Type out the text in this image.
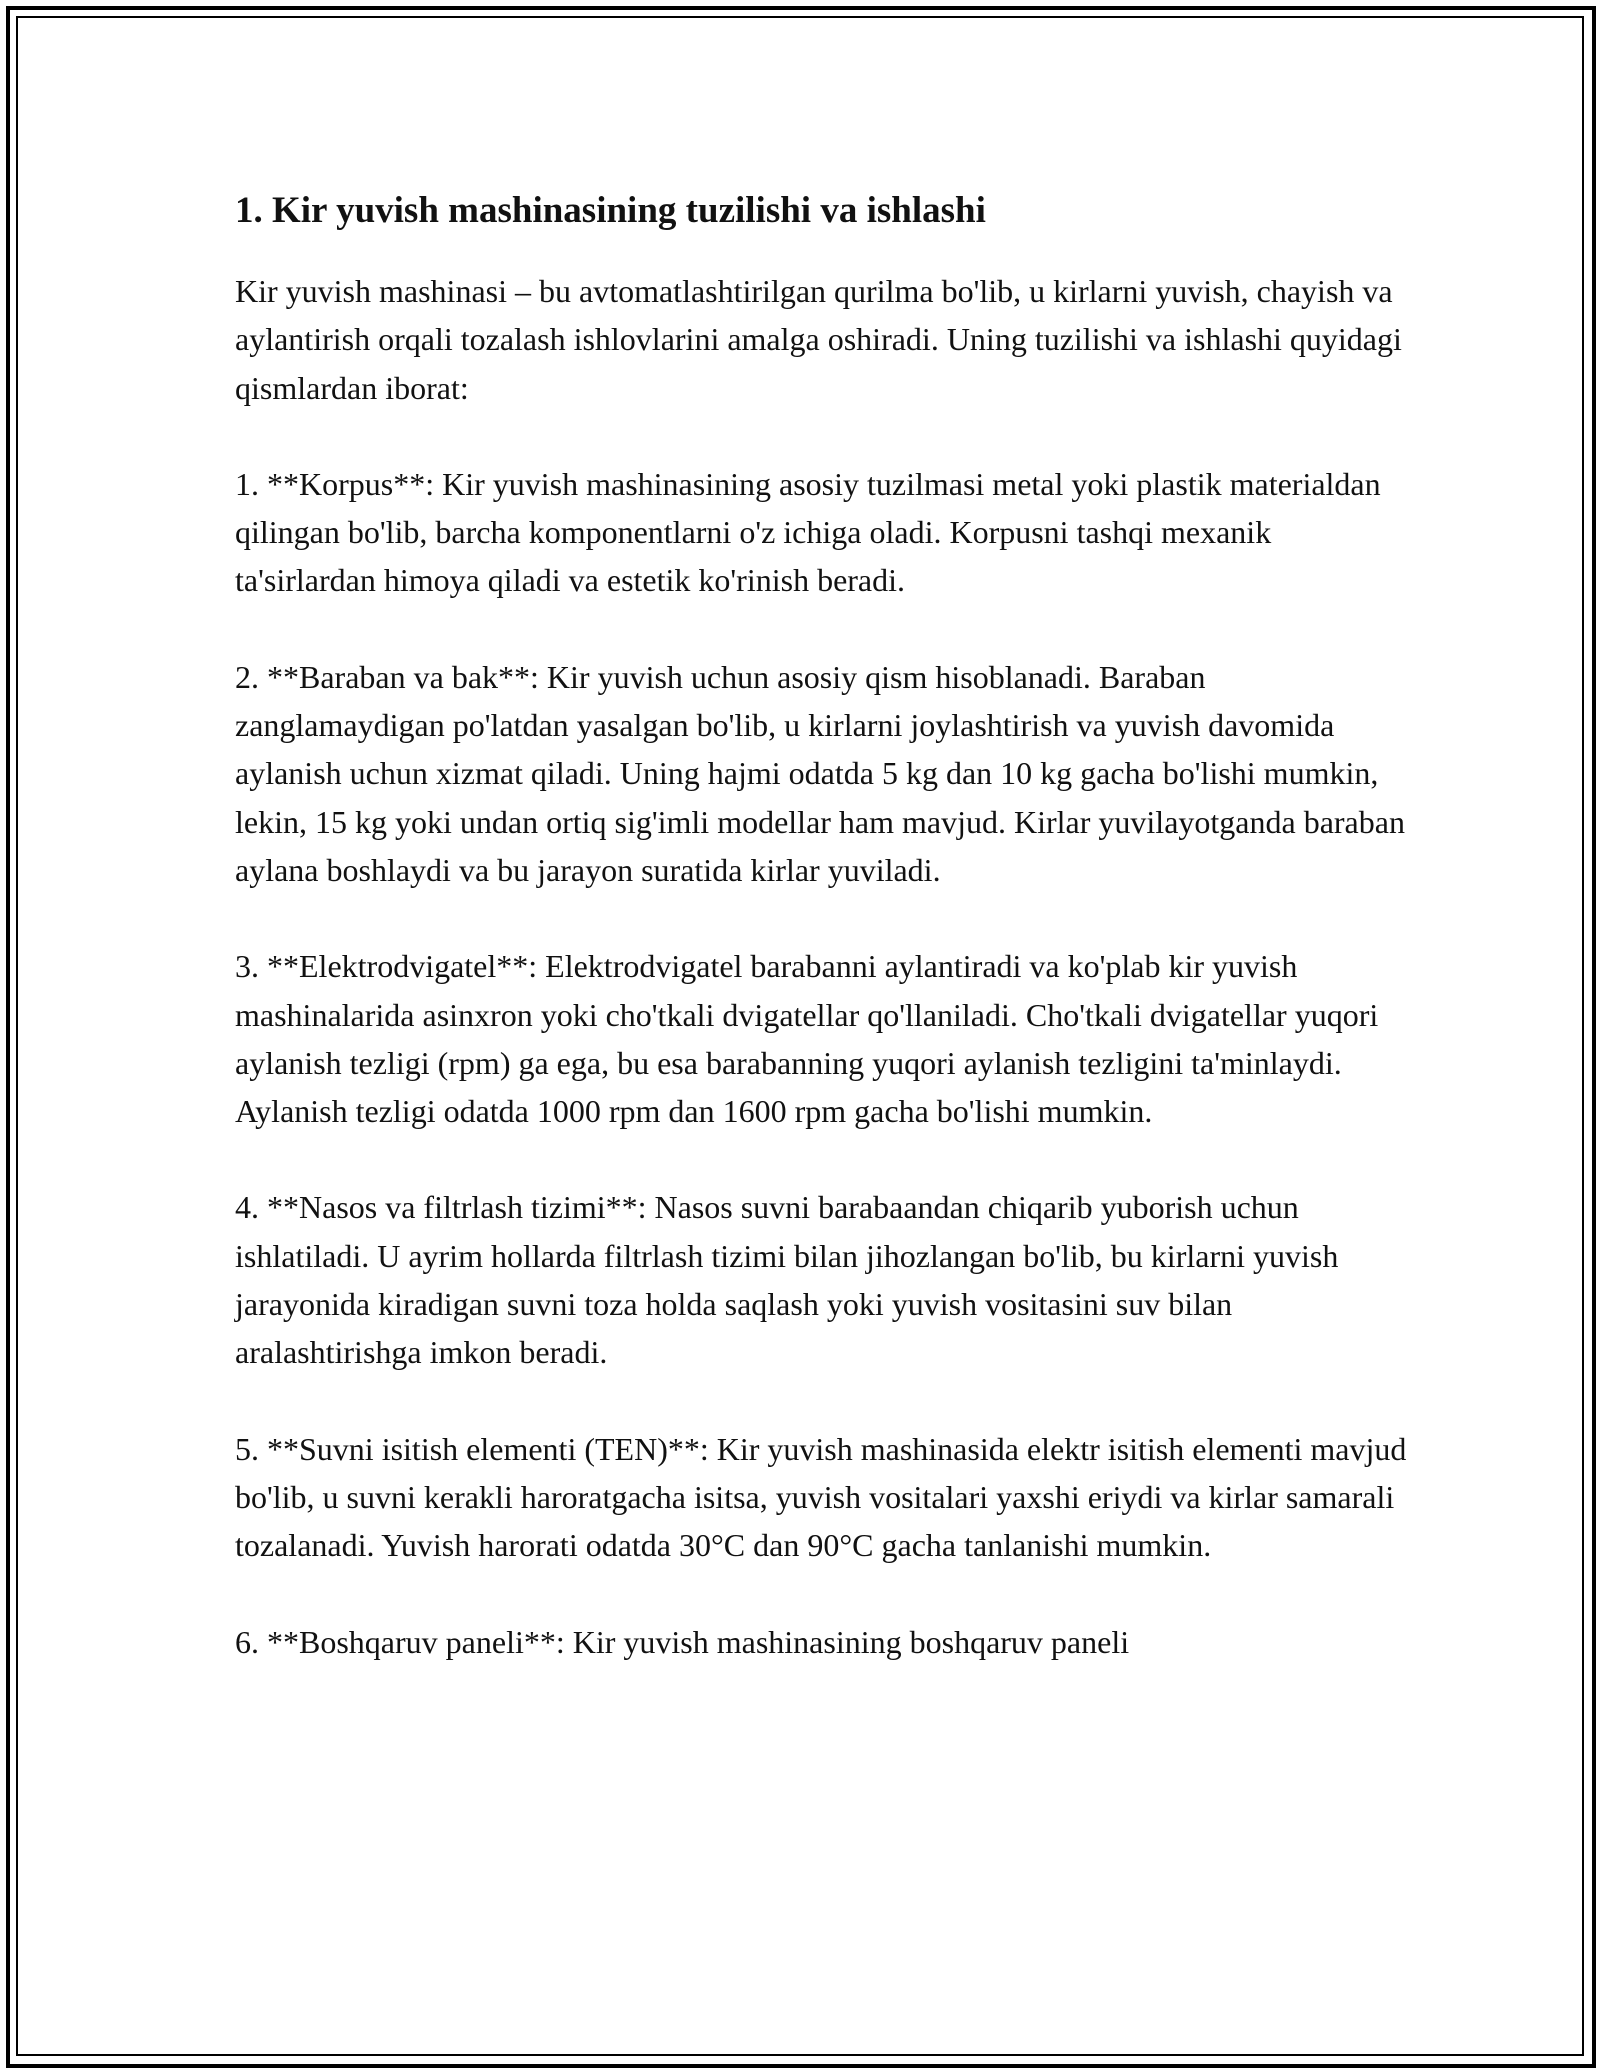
1. Kir yuvish mashinasining tuzilishi va ishlashi

Kir yuvish mashinasi – bu avtomatlashtirilgan qurilma bo'lib, u kirlarni yuvish, chayish va aylantirish orqali tozalash ishlovlarini amalga oshiradi. Uning tuzilishi va ishlashi quyidagi qismlardan iborat:

1. **Korpus**: Kir yuvish mashinasining asosiy tuzilmasi metal yoki plastik materialdan qilingan bo'lib, barcha komponentlarni o'z ichiga oladi. Korpusni tashqi mexanik ta'sirlardan himoya qiladi va estetik ko'rinish beradi.

2. **Baraban va bak**: Kir yuvish uchun asosiy qism hisoblanadi. Baraban zanglamaydigan po'latdan yasalgan bo'lib, u kirlarni joylashtirish va yuvish davomida aylanish uchun xizmat qiladi. Uning hajmi odatda 5 kg dan 10 kg gacha bo'lishi mumkin, lekin, 15 kg yoki undan ortiq sig'imli modellar ham mavjud. Kirlar yuvilayotganda baraban aylana boshlaydi va bu jarayon suratida kirlar yuviladi.

3. **Elektrodvigatel**: Elektrodvigatel barabanni aylantiradi va ko'plab kir yuvish mashinalarida asinxron yoki cho'tkali dvigatellar qo'llaniladi. Cho'tkali dvigatellar yuqori aylanish tezligi (rpm) ga ega, bu esa barabanning yuqori aylanish tezligini ta'minlaydi. Aylanish tezligi odatda 1000 rpm dan 1600 rpm gacha bo'lishi mumkin.

4. **Nasos va filtrlash tizimi**: Nasos suvni barabaandan chiqarib yuborish uchun ishlatiladi. U ayrim hollarda filtrlash tizimi bilan jihozlangan bo'lib, bu kirlarni yuvish jarayonida kiradigan suvni toza holda saqlash yoki yuvish vositasini suv bilan aralashtirishga imkon beradi.

5. **Suvni isitish elementi (TEN)**: Kir yuvish mashinasida elektr isitish elementi mavjud bo'lib, u suvni kerakli haroratgacha isitsa, yuvish vositalari yaxshi eriydi va kirlar samarali tozalanadi. Yuvish harorati odatda 30°C dan 90°C gacha tanlanishi mumkin.

6. **Boshqaruv paneli**: Kir yuvish mashinasining boshqaruv paneli
